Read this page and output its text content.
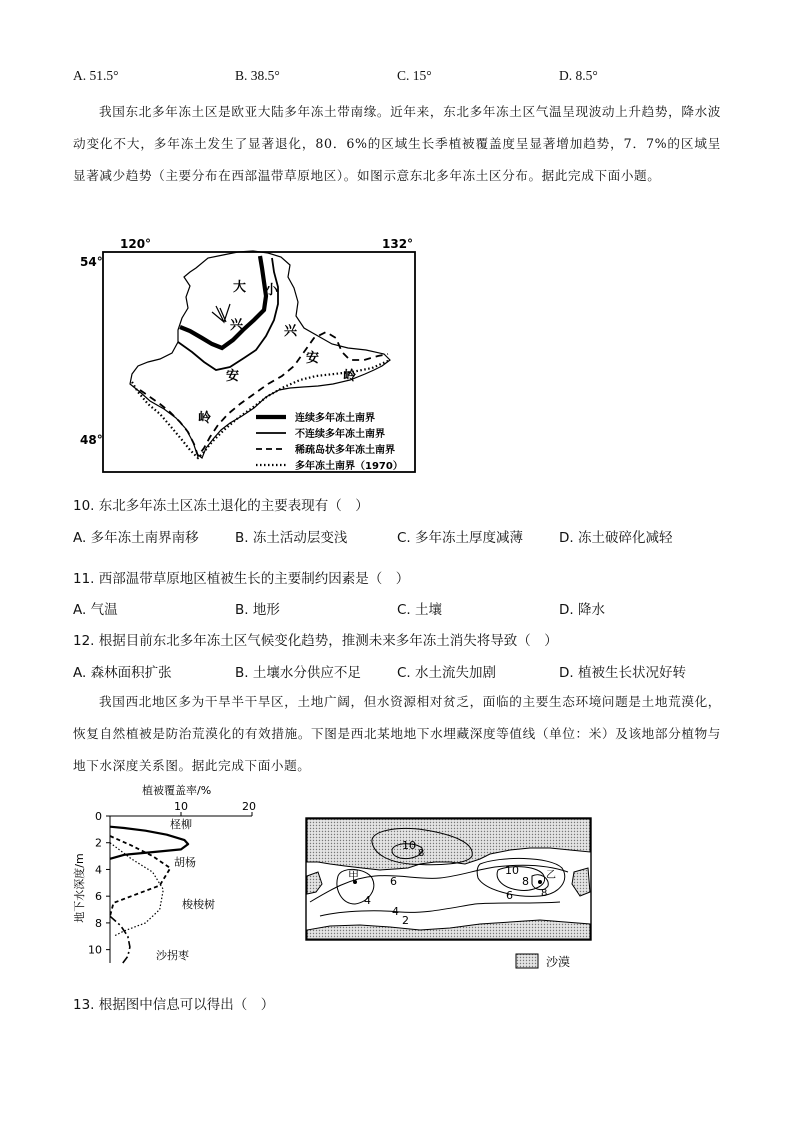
A. 51.5°	B. 38.5°	C. 15°	D. 8.5°
我国东北多年冻土区是欧亚大陆多年冻土带南缘。近年来，东北多年冻土区气温呈现波动上升趋势，降水波动变化不大，多年冻土发生了显著退化，80．6%的区域生长季植被覆盖度呈显著增加趋势，7．7%的区域呈显著减少趋势（主要分布在西部温带草原地区）。如图示意东北多年冻土区分布。据此完成下面小题。
120°	132°
54°
48°
大
兴
安
岭
小
兴
安
岭
连续多年冻土南界
不连续多年冻土南界
稀疏岛状多年冻土南界
多年冻土南界（1970）
10. 东北多年冻土区冻土退化的主要表现有（　）
A. 多年冻土南界南移	B. 冻土活动层变浅	C. 多年冻土厚度减薄	D. 冻土破碎化减轻
11. 西部温带草原地区植被生长的主要制约因素是（　）
A. 气温	B. 地形	C. 土壤	D. 降水
12. 根据目前东北多年冻土区气候变化趋势，推测未来多年冻土消失将导致（　）
A. 森林面积扩张	B. 土壤水分供应不足	C. 水土流失加剧	D. 植被生长状况好转
我国西北地区多为干旱半干旱区，土地广阔，但水资源相对贫乏，面临的主要生态环境问题是土地荒漠化，恢复自然植被是防治荒漠化的有效措施。下图是西北某地地下水埋藏深度等值线（单位：米）及该地部分植物与地下水深度关系图。据此完成下面小题。
植被覆盖率/%
10	20
0
2
4
6
8
10
地下水深度/m
柽柳
胡杨
梭梭树
沙拐枣
10
8
6
4
10
8
6
4
2
8
甲	乙
沙漠
13. 根据图中信息可以得出（　）
